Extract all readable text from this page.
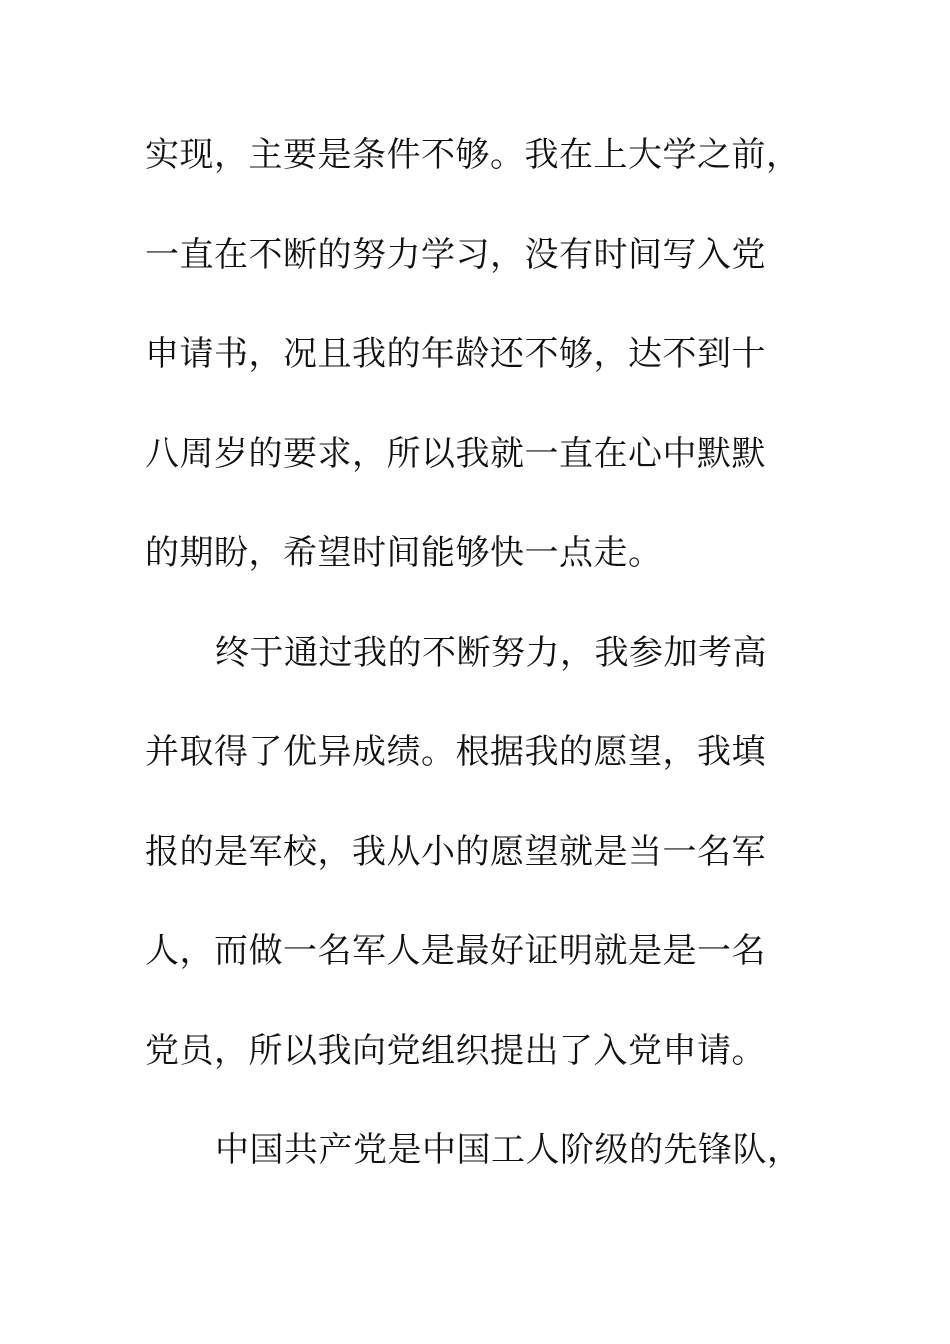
实现，主要是条件不够。我在上大学之前，
一直在不断的努力学习，没有时间写入党
申请书，况且我的年龄还不够，达不到十
八周岁的要求，所以我就一直在心中默默
的期盼，希望时间能够快一点走。
终于通过我的不断努力，我参加考高
并取得了优异成绩。根据我的愿望，我填
报的是军校，我从小的愿望就是当一名军
人，而做一名军人是最好证明就是是一名
党员，所以我向党组织提出了入党申请。
中国共产党是中国工人阶级的先锋队，
